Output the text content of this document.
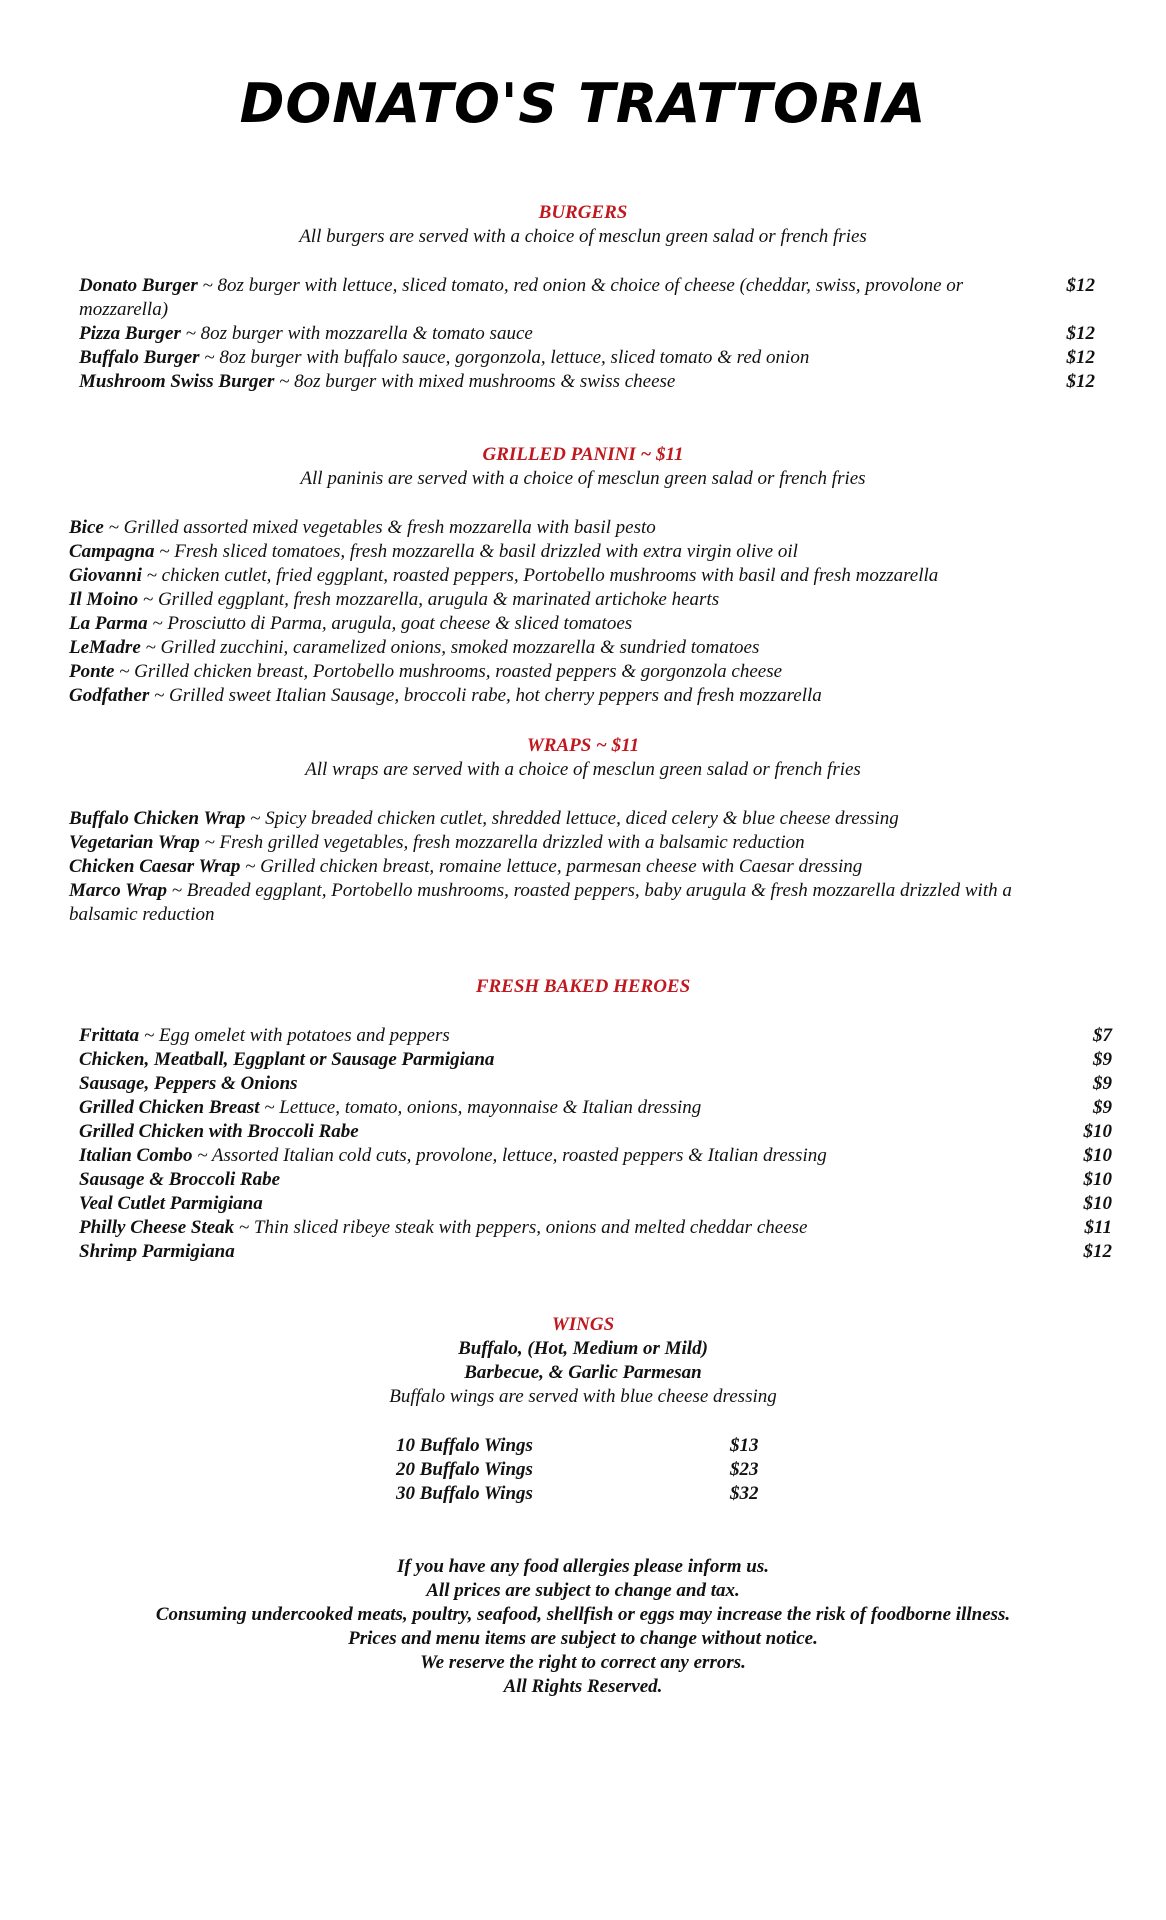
DONATO'S TRATTORIA
BURGERS
All burgers are served with a choice of mesclun green salad or french fries
Donato Burger ~ 8oz burger with lettuce, sliced tomato, red onion & choice of cheese (cheddar, swiss, provolone or mozzarella)
$12
Pizza Burger ~ 8oz burger with mozzarella & tomato sauce	$12
Buffalo Burger ~ 8oz burger with buffalo sauce, gorgonzola, lettuce, sliced tomato & red onion	$12
Mushroom Swiss Burger ~ 8oz burger with mixed mushrooms & swiss cheese	$12
GRILLED PANINI ~ $11
All paninis are served with a choice of mesclun green salad or french fries
Bice ~ Grilled assorted mixed vegetables & fresh mozzarella with basil pesto
Campagna ~ Fresh sliced tomatoes, fresh mozzarella & basil drizzled with extra virgin olive oil
Giovanni ~ chicken cutlet, fried eggplant, roasted peppers, Portobello mushrooms with basil and fresh mozzarella
Il Moino ~ Grilled eggplant, fresh mozzarella, arugula & marinated artichoke hearts
La Parma ~ Prosciutto di Parma, arugula, goat cheese & sliced tomatoes
LeMadre ~ Grilled zucchini, caramelized onions, smoked mozzarella & sundried tomatoes
Ponte ~ Grilled chicken breast, Portobello mushrooms, roasted peppers & gorgonzola cheese
Godfather ~ Grilled sweet Italian Sausage, broccoli rabe, hot cherry peppers and fresh mozzarella
WRAPS ~ $11
All wraps are served with a choice of mesclun green salad or french fries
Buffalo Chicken Wrap ~ Spicy breaded chicken cutlet, shredded lettuce, diced celery & blue cheese dressing
Vegetarian Wrap ~ Fresh grilled vegetables, fresh mozzarella drizzled with a balsamic reduction
Chicken Caesar Wrap ~ Grilled chicken breast, romaine lettuce, parmesan cheese with Caesar dressing
Marco Wrap ~ Breaded eggplant, Portobello mushrooms, roasted peppers, baby arugula & fresh mozzarella drizzled with a balsamic reduction
FRESH BAKED HEROES
Frittata ~ Egg omelet with potatoes and peppers	$7
Chicken, Meatball, Eggplant or Sausage Parmigiana	$9
Sausage, Peppers & Onions	$9
Grilled Chicken Breast ~ Lettuce, tomato, onions, mayonnaise & Italian dressing	$9
Grilled Chicken with Broccoli Rabe	$10
Italian Combo ~ Assorted Italian cold cuts, provolone, lettuce, roasted peppers & Italian dressing	$10
Sausage & Broccoli Rabe	$10
Veal Cutlet Parmigiana	$10
Philly Cheese Steak ~ Thin sliced ribeye steak with peppers, onions and melted cheddar cheese	$11
Shrimp Parmigiana	$12
WINGS
Buffalo, (Hot, Medium or Mild)
Barbecue, & Garlic Parmesan
Buffalo wings are served with blue cheese dressing
10 Buffalo Wings	$13
20 Buffalo Wings	$23
30 Buffalo Wings	$32
If you have any food allergies please inform us.
All prices are subject to change and tax.
Consuming undercooked meats, poultry, seafood, shellfish or eggs may increase the risk of foodborne illness.
Prices and menu items are subject to change without notice.
We reserve the right to correct any errors.
All Rights Reserved.
